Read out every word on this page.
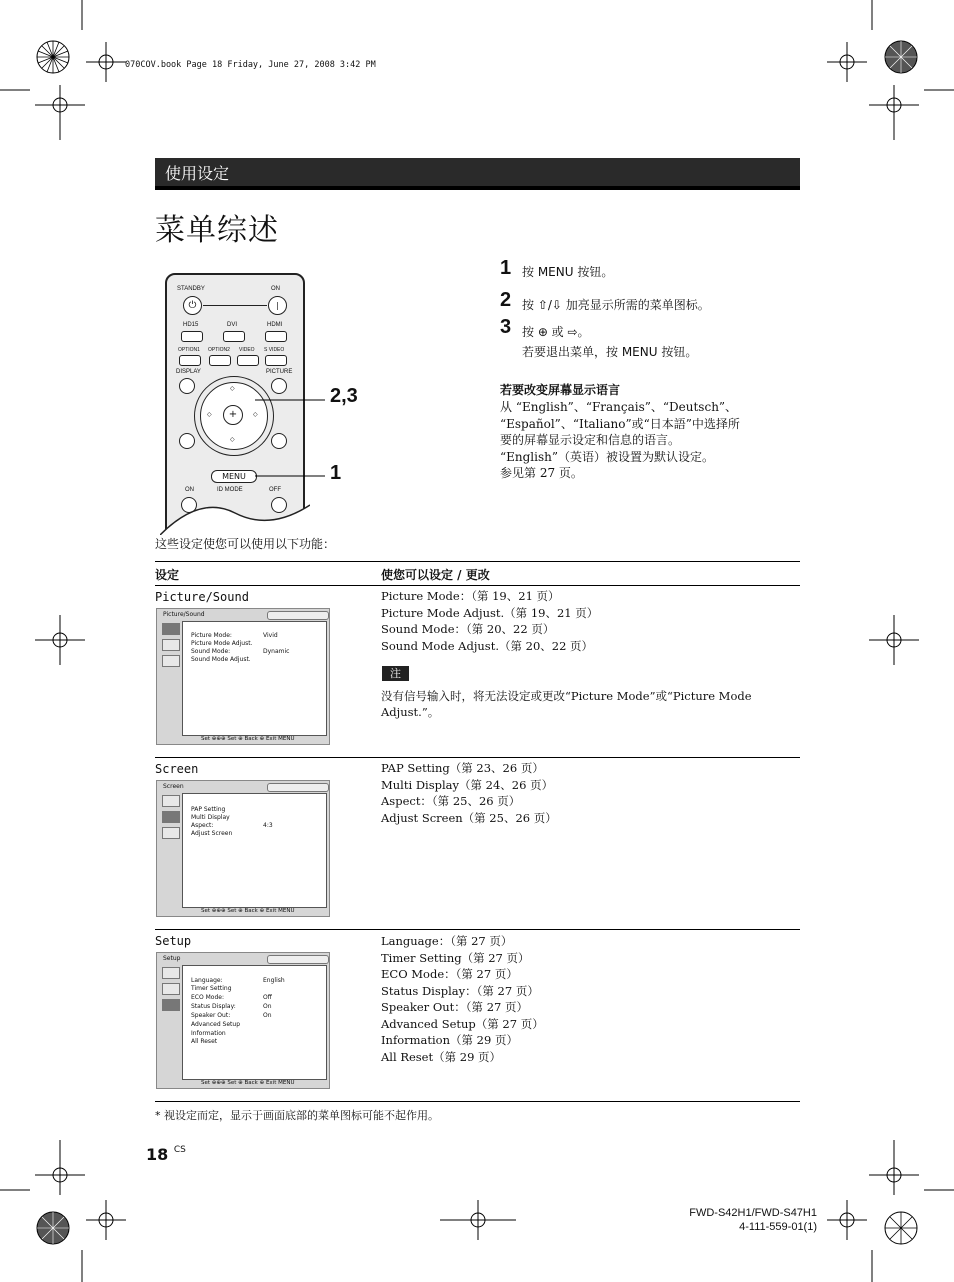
070COV.book Page 18 Friday, June 27, 2008 3:42 PM
使用设定
菜单综述
STANDBY	ON
⏻	|
HD15	DVI	HDMI
OPTION1 OPTION2 VIDEO S VIDEO
DISPLAY	PICTURE
+
◇
◇
◇	◇
MENU
ON	ID MODE	OFF
2,3
1
1 按 MENU 按钮。
2 按 ⇧/⇩ 加亮显示所需的菜单图标。
3 按 ⊕ 或 ⇨。
若要退出菜单，按 MENU 按钮。
若要改变屏幕显示语言
从 “English”、“Français”、“Deutsch”、
“Español”、“Italiano”或“日本語”中选择所
要的屏幕显示设定和信息的语言。
“English”（英语）被设置为默认设定。
参见第 27 页。
这些设定使您可以使用以下功能：
设定	使您可以设定 / 更改
Picture/Sound
Picture/Sound
Picture Mode:	Vivid
Picture Mode Adjust.
Sound Mode:	Dynamic
Sound Mode Adjust.
Set ⊕⊕⊕ Set ⊕ Back ⊕ Exit MENU
Picture Mode：（第 19、21 页）
Picture Mode Adjust.（第 19、21 页）
Sound Mode：（第 20、22 页）
Sound Mode Adjust.（第 20、22 页）
注
没有信号输入时，将无法设定或更改“Picture Mode”或“Picture Mode Adjust.”。
Screen
Screen
PAP Setting
Multi Display
Aspect:	4:3
Adjust Screen
Set ⊕⊕⊕ Set ⊕ Back ⊕ Exit MENU
PAP Setting（第 23、26 页）
Multi Display（第 24、26 页）
Aspect：（第 25、26 页）
Adjust Screen（第 25、26 页）
Setup
Setup
Language:	English
Timer Setting
ECO Mode:	Off
Status Display:	On
Speaker Out:	On
Advanced Setup
Information
All Reset
Set ⊕⊕⊕ Set ⊕ Back ⊕ Exit MENU
Language：（第 27 页）
Timer Setting（第 27 页）
ECO Mode：（第 27 页）
Status Display：（第 27 页）
Speaker Out：（第 27 页）
Advanced Setup（第 27 页）
Information（第 29 页）
All Reset（第 29 页）
* 视设定而定，显示于画面底部的菜单图标可能不起作用。
18 $^{CS}$
FWD-S42H1/FWD-S47H1
4-111-559-01(1)
